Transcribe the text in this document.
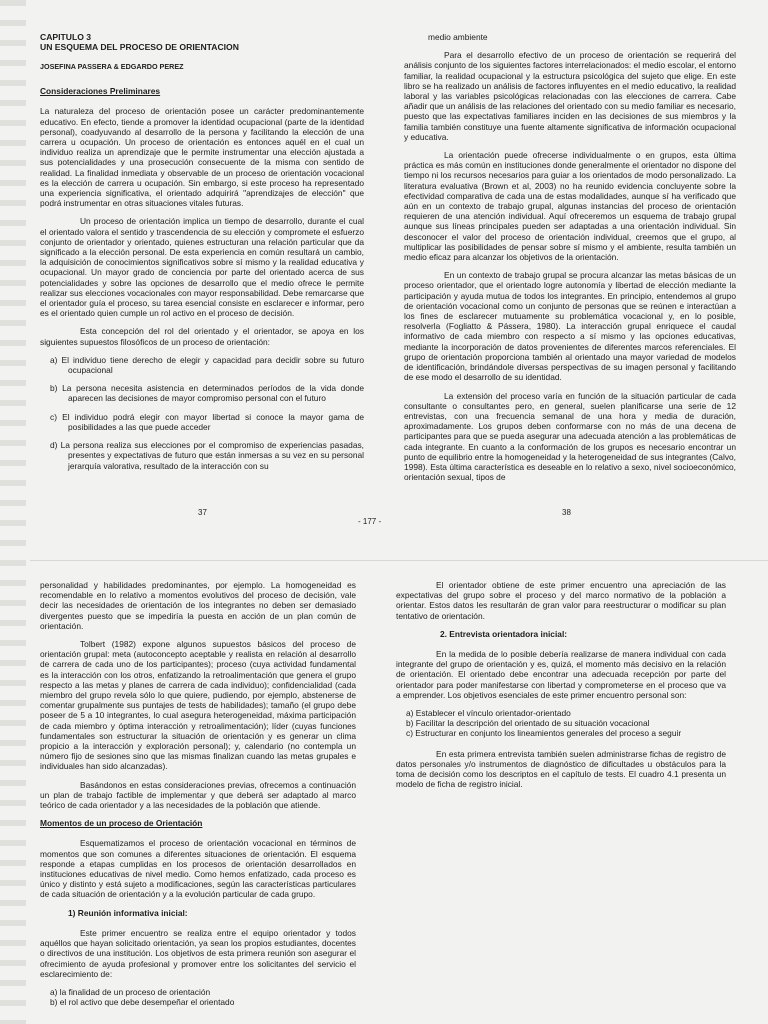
CAPITULO 3
UN ESQUEMA DEL PROCESO DE ORIENTACION
JOSEFINA PASSERA & EDGARDO PEREZ
Consideraciones Preliminares

La naturaleza del proceso de orientación posee un carácter predominantemente educativo. En efecto, tiende a promover la identidad ocupacional (parte de la identidad personal), coadyuvando al desarrollo de la persona y facilitando la elección de una carrera u ocupación. Un proceso de orientación es entonces aquél en el cual un individuo realiza un aprendizaje que le permite instrumentar una elección ajustada a sus potencialidades y una prosecución consecuente de la misma con sentido de realidad. La finalidad inmediata y observable de un proceso de orientación vocacional es la elección de carrera u ocupación. Sin embargo, si este proceso ha representado una experiencia significativa, el orientado adquirirá "aprendizajes de elección" que podrá instrumentar en otras situaciones vitales futuras.

Un proceso de orientación implica un tiempo de desarrollo, durante el cual el orientado valora el sentido y trascendencia de su elección y compromete el esfuerzo conjunto de orientador y orientado, quienes estructuran una relación particular que da significado a la elección personal. De esta experiencia en común resultará un cambio, la adquisición de conocimientos significativos sobre sí mismo y la realidad educativa y ocupacional. Un mayor grado de conciencia por parte del orientado acerca de sus potencialidades y sobre las opciones de desarrollo que el medio ofrece le permite realizar sus elecciones vocacionales con mayor responsabilidad. Debe remarcarse que el orientador guía el proceso, su tarea esencial consiste en esclarecer e informar, pero es el orientado quien cumple un rol activo en el proceso de decisión.

Esta concepción del rol del orientado y el orientador, se apoya en los siguientes supuestos filosóficos de un proceso de orientación:

a) El individuo tiene derecho de elegir y capacidad para decidir sobre su futuro ocupacional
b) La persona necesita asistencia en determinados períodos de la vida donde aparecen las decisiones de mayor compromiso personal con el futuro
c) El individuo podrá elegir con mayor libertad si conoce la mayor gama de posibilidades a las que puede acceder
d) La persona realiza sus elecciones por el compromiso de experiencias pasadas, presentes y expectativas de futuro que están inmersas a su vez en su personal jerarquía valorativa, resultado de la interacción con su
37

medio ambiente

Para el desarrollo efectivo de un proceso de orientación se requerirá del análisis conjunto de los siguientes factores interrelacionados: el medio escolar, el entorno familiar, la realidad ocupacional y la estructura psicológica del sujeto que elige. En este libro se ha realizado un análisis de factores influyentes en el medio educativo, la realidad laboral y las variables psicológicas relacionadas con las elecciones de carrera. Cabe añadir que un análisis de las relaciones del orientado con su medio familiar es necesario, puesto que las expectativas familiares inciden en las decisiones de sus miembros y la familia también constituye una fuente altamente significativa de información ocupacional y educativa.

La orientación puede ofrecerse individualmente o en grupos, esta última práctica es más común en instituciones donde generalmente el orientador no dispone del tiempo ni los recursos necesarios para guiar a los orientados de modo personalizado. La literatura evaluativa (Brown et al, 2003) no ha reunido evidencia concluyente sobre la efectividad comparativa de cada una de estas modalidades, aunque sí ha verificado que aún en un contexto de trabajo grupal, algunas instancias del proceso de orientación requieren de una atención individual. Aquí ofreceremos un esquema de trabajo grupal aunque sus líneas principales pueden ser adaptadas a una orientación individual. Sin desconocer el valor del proceso de orientación individual, creemos que el grupo, al multiplicar las posibilidades de pensar sobre sí mismo y el ambiente, resulta también un medio eficaz para alcanzar los objetivos de la orientación.

En un contexto de trabajo grupal se procura alcanzar las metas básicas de un proceso orientador, que el orientado logre autonomía y libertad de elección mediante la participación y ayuda mutua de todos los integrantes. En principio, entendemos al grupo de orientación vocacional como un conjunto de personas que se reúnen e interactúan a los fines de esclarecer mutuamente su problemática vocacional y, en lo posible, resolverla (Fogliatto & Pássera, 1980). La interacción grupal enriquece el caudal informativo de cada miembro con respecto a sí mismo y las opciones educativas, mediante la incorporación de datos provenientes de diferentes marcos referenciales. El grupo de orientación proporciona también al orientado una mayor variedad de modelos de identificación, brindándole diversas perspectivas de su imagen personal y facilitando de ese modo el desarrollo de su identidad.

La extensión del proceso varía en función de la situación particular de cada consultante o consultantes pero, en general, suelen planificarse una serie de 12 entrevistas, con una frecuencia semanal de una hora y media de duración, aproximadamente. Los grupos deben conformarse con no más de una decena de participantes para que se pueda asegurar una adecuada atención a las problemáticas de cada integrante. En cuanto a la conformación de los grupos es necesario encontrar un punto de equilibrio entre la homogeneidad y la heterogeneidad de sus integrantes (Calvo, 1998). Esta última característica es deseable en lo relativo a sexo, nivel socioeconómico, orientación sexual, tipos de

38
- 177 -

personalidad y habilidades predominantes, por ejemplo. La homogeneidad es recomendable en lo relativo a momentos evolutivos del proceso de decisión, vale decir las necesidades de orientación de los integrantes no deben ser demasiado divergentes puesto que se impediría la puesta en acción de un plan común de orientación.

Tolbert (1982) expone algunos supuestos básicos del proceso de orientación grupal: meta (autoconcepto aceptable y realista en relación al desarrollo de carrera de cada uno de los participantes); proceso (cuya actividad fundamental es la interacción con los otros, enfatizando la retroalimentación que genera el grupo respecto a las metas y planes de carrera de cada individuo); confidencialidad (cada miembro del grupo revela sólo lo que quiere, pudiendo, por ejemplo, abstenerse de comentar grupalmente sus puntajes de tests de habilidades); tamaño (el grupo debe poseer de 5 a 10 integrantes, lo cual asegura heterogeneidad, máxima participación de cada miembro y óptima interacción y retroalimentación); líder (cuyas funciones fundamentales son estructurar la situación de orientación y es generar un clima propicio a la interacción y exploración personal); y, calendario (no contempla un número fijo de sesiones sino que las mismas finalizan cuando las metas grupales e individuales han sido alcanzadas).

Basándonos en estas consideraciones previas, ofrecemos a continuación un plan de trabajo factible de implementar y que deberá ser adaptado al marco teórico de cada orientador y a las necesidades de la población que atiende.

Momentos de un proceso de Orientación

Esquematizamos el proceso de orientación vocacional en términos de momentos que son comunes a diferentes situaciones de orientación. El esquema responde a etapas cumplidas en los procesos de orientación desarrollados en instituciones educativas de nivel medio. Como hemos enfatizado, cada proceso es único y distinto y está sujeto a modificaciones, según las características particulares de cada situación de orientación y a la evolución particular de cada grupo.

1) Reunión informativa inicial:

Este primer encuentro se realiza entre el equipo orientador y todos aquéllos que hayan solicitado orientación, ya sean los propios estudiantes, docentes o directivos de una institución. Los objetivos de esta primera reunión son asegurar el ofrecimiento de ayuda profesional y promover entre los solicitantes del servicio el esclarecimiento de:

a) la finalidad de un proceso de orientación
b) el rol activo que debe desempeñar el orientado

El orientador obtiene de este primer encuentro una apreciación de las expectativas del grupo sobre el proceso y del marco normativo de la población a orientar. Estos datos les resultarán de gran valor para reestructurar o modificar su plan tentativo de orientación.

2. Entrevista orientadora inicial:

En la medida de lo posible debería realizarse de manera individual con cada integrante del grupo de orientación y es, quizá, el momento más decisivo en la relación de orientación. El orientado debe encontrar una adecuada recepción por parte del orientador para poder manifestarse con libertad y comprometerse en el proceso que va a emprender. Los objetivos esenciales de este primer encuentro personal son:

a) Establecer el vínculo orientador-orientado
b) Facilitar la descripción del orientado de su situación vocacional
c) Estructurar en conjunto los lineamientos generales del proceso a seguir

En esta primera entrevista también suelen administrarse fichas de registro de datos personales y/o instrumentos de diagnóstico de dificultades u obstáculos para la toma de decisión como los descriptos en el capítulo de tests. El cuadro 4.1 presenta un modelo de ficha de registro inicial.
